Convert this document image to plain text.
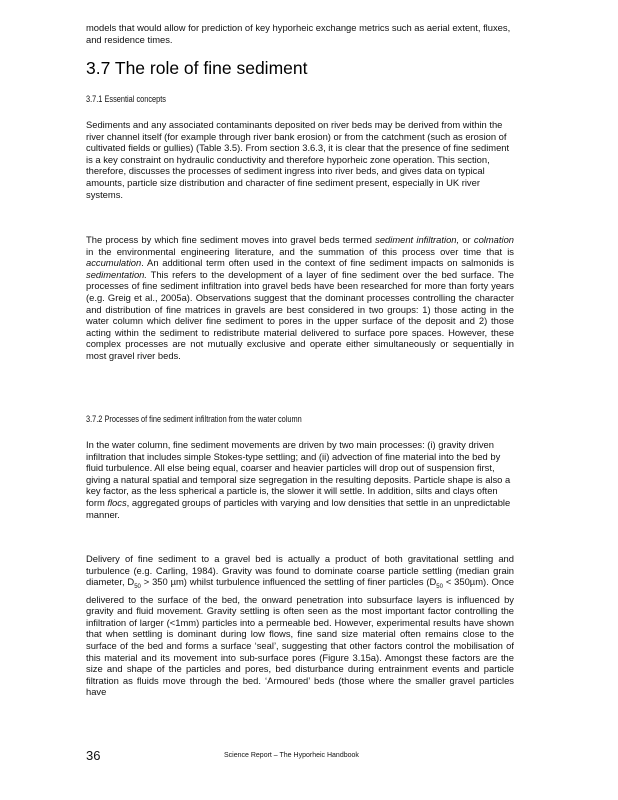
models that would allow for prediction of key hyporheic exchange metrics such as aerial extent, fluxes, and residence times.

3.7 The role of fine sediment
3.7.1 Essential concepts

Sediments and any associated contaminants deposited on river beds may be derived from within the river channel itself (for example through river bank erosion) or from the catchment (such as erosion of cultivated fields or gullies) (Table 3.5). From section 3.6.3, it is clear that the presence of fine sediment is a key constraint on hydraulic conductivity and therefore hyporheic zone operation. This section, therefore, discusses the processes of sediment ingress into river beds, and gives data on typical amounts, particle size distribution and character of fine sediment present, especially in UK river systems.

The process by which fine sediment moves into gravel beds termed sediment infiltration, or colmation in the environmental engineering literature, and the summation of this process over time that is accumulation. An additional term often used in the context of fine sediment impacts on salmonids is sedimentation. This refers to the development of a layer of fine sediment over the bed surface. The processes of fine sediment infiltration into gravel beds have been researched for more than forty years (e.g. Greig et al., 2005a). Observations suggest that the dominant processes controlling the character and distribution of fine matrices in gravels are best considered in two groups: 1) those acting in the water column which deliver fine sediment to pores in the upper surface of the deposit and 2) those acting within the sediment to redistribute material delivered to surface pore spaces. However, these complex processes are not mutually exclusive and operate either simultaneously or sequentially in most gravel river beds.

3.7.2 Processes of fine sediment infiltration from the water column

In the water column, fine sediment movements are driven by two main processes: (i) gravity driven infiltration that includes simple Stokes-type settling; and (ii) advection of fine material into the bed by fluid turbulence. All else being equal, coarser and heavier particles will drop out of suspension first, giving a natural spatial and temporal size segregation in the resulting deposits. Particle shape is also a key factor, as the less spherical a particle is, the slower it will settle. In addition, silts and clays often form flocs, aggregated groups of particles with varying and low densities that settle in an unpredictable manner.

Delivery of fine sediment to a gravel bed is actually a product of both gravitational settling and turbulence (e.g. Carling, 1984). Gravity was found to dominate coarse particle settling (median grain diameter, $D_{50} > 350$ µm) whilst turbulence influenced the settling of finer particles $(D_{50} < 350\mu m)$. Once delivered to the surface of the bed, the onward penetration into subsurface layers is influenced by gravity and fluid movement. Gravity settling is often seen as the most important factor controlling the infiltration of larger (<1mm) particles into a permeable bed. However, experimental results have shown that when settling is dominant during low flows, fine sand size material often remains close to the surface of the bed and forms a surface ‘seal’, suggesting that other factors control the mobilisation of this material and its movement into sub-surface pores (Figure 3.15a). Amongst these factors are the size and shape of the particles and pores, bed disturbance during entrainment events and particle filtration as fluids move through the bed. ‘Armoured’ beds (those where the smaller gravel particles have

36	Science Report – The Hyporheic Handbook
